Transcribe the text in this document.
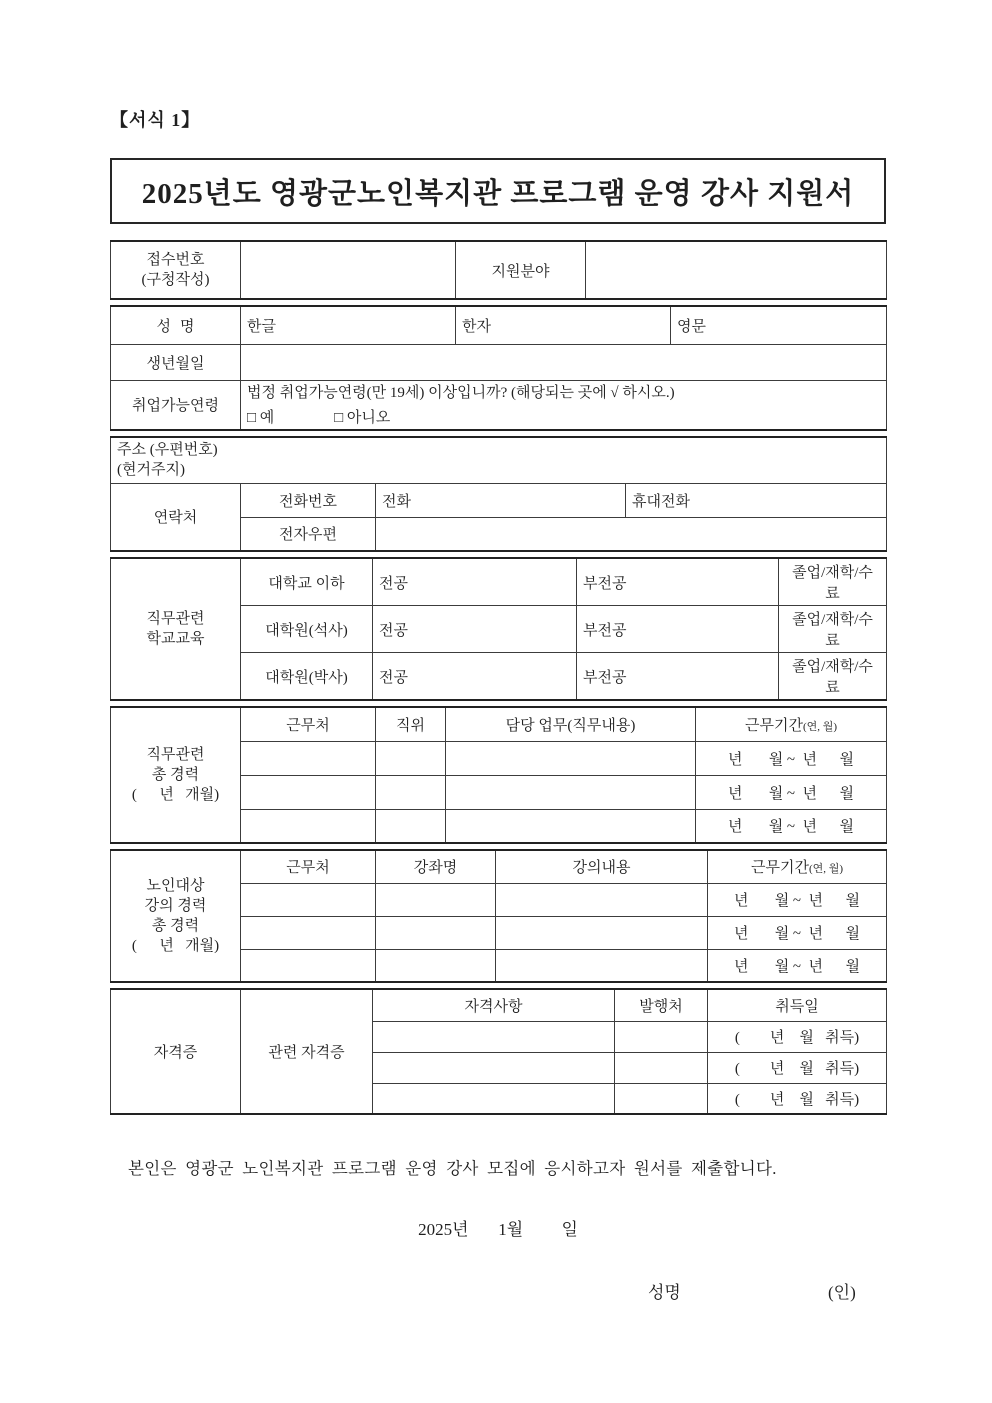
【서식 1】
2025년도 영광군노인복지관 프로그램 운영 강사 지원서
접수번호
(구청작성)
		지원분야	
성명	한글	한자	영문
생년월일			
취업가능연령	법정 취업가능연령(만 19세) 이상입니까? (해당되는 곳에 √ 하시오.)
□ 예 □ 아니오		
주소 (우편번호)
(현거주지)			

연락처	전화번호	전화	휴대전화
	전자우편		
직무관련
학교교육	대학교 이하	전공	부전공	졸업/재학/수료
	대학원(석사)	전공	부전공	졸업/재학/수료
	대학원(박사)	전공	부전공	졸업/재학/수료
직무관련
총 경력
(      년   개월)	근무처	직위	담당 업무(직무내용)	근무기간(연, 월)
				년       월 ~  년      월
				년       월 ~  년      월
				년       월 ~  년      월
노인대상
강의 경력
총 경력
(      년   개월)	근무처	강좌명	강의내용	근무기간(연, 월)
				년       월 ~  년      월
				년       월 ~  년      월
				년       월 ~  년      월
자격증	관련 자격증	자격사항	발행처	취득일
				(        년    월   취득)
				(        년    월   취득)
				(        년    월   취득)
본인은 영광군 노인복지관 프로그램 운영 강사 모집에 응시하고자 원서를 제출합니다.
2025년       1월         일
성명	(인)
